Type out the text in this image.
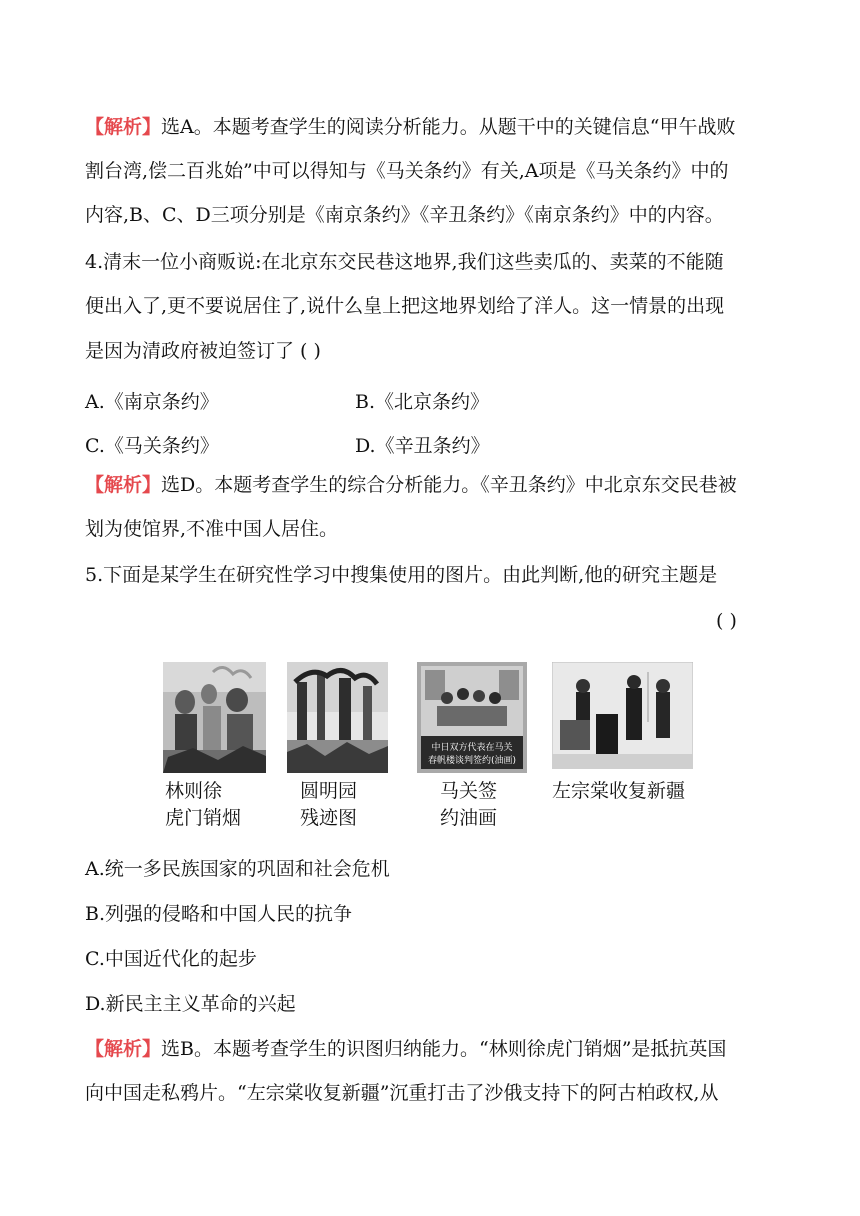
【解析】选A。本题考查学生的阅读分析能力。从题干中的关键信息“甲午战败
割台湾,偿二百兆始”中可以得知与《马关条约》有关,A项是《马关条约》中的
内容,B、C、D三项分别是《南京条约》《辛丑条约》《南京条约》中的内容。
4.清末一位小商贩说:在北京东交民巷这地界,我们这些卖瓜的、卖菜的不能随
便出入了,更不要说居住了,说什么皇上把这地界划给了洋人。这一情景的出现
是因为清政府被迫签订了 ( )
A.《南京条约》	B.《北京条约》
C.《马关条约》	D.《辛丑条约》
【解析】选D。本题考查学生的综合分析能力。《辛丑条约》中北京东交民巷被
划为使馆界,不准中国人居住。
5.下面是某学生在研究性学习中搜集使用的图片。由此判断,他的研究主题是
( )
中日双方代表在马关
春帆楼谈判签约(油画)
林则徐
虎门销烟
圆明园
残迹图
马关签
约油画
左宗棠收复新疆
A.统一多民族国家的巩固和社会危机
B.列强的侵略和中国人民的抗争
C.中国近代化的起步
D.新民主主义革命的兴起
【解析】选B。本题考查学生的识图归纳能力。“林则徐虎门销烟”是抵抗英国
向中国走私鸦片。“左宗棠收复新疆”沉重打击了沙俄支持下的阿古柏政权,从
